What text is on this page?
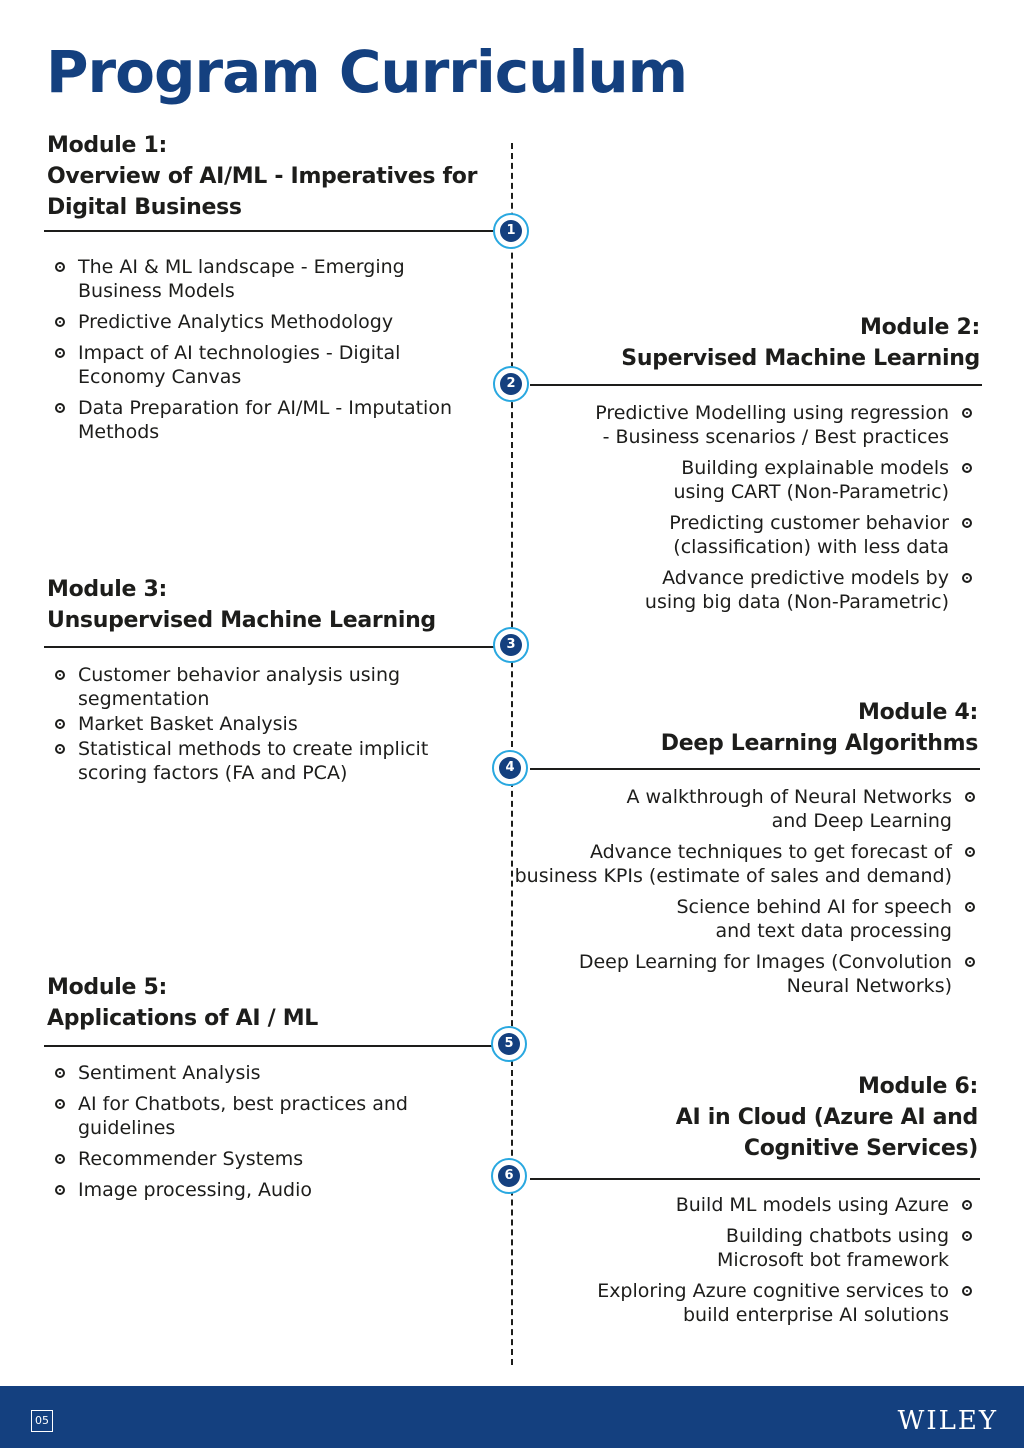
Program Curriculum
Module 1:
Overview of AI/ML - Imperatives for
Digital Business
1
The AI & ML landscape - Emerging
Business Models
Predictive Analytics Methodology
Impact of AI technologies - Digital
Economy Canvas
Data Preparation for AI/ML - Imputation
Methods
Module 2:
Supervised Machine Learning
2
Predictive Modelling using regression
- Business scenarios / Best practices
Building explainable models
using CART (Non-Parametric)
Predicting customer behavior
(classification) with less data
Advance predictive models by
using big data (Non-Parametric)
Module 3:
Unsupervised Machine Learning
3
Customer behavior analysis using
segmentation
Market Basket Analysis
Statistical methods to create implicit
scoring factors (FA and PCA)
Module 4:
Deep Learning Algorithms
4
A walkthrough of Neural Networks
and Deep Learning
Advance techniques to get forecast of
business KPIs (estimate of sales and demand)
Science behind AI for speech
and text data processing
Deep Learning for Images (Convolution
Neural Networks)
Module 5:
Applications of AI / ML
5
Sentiment Analysis
AI for Chatbots, best practices and
guidelines
Recommender Systems
Image processing, Audio
Module 6:
AI in Cloud (Azure AI and
Cognitive Services)
6
Build ML models using Azure
Building chatbots using
Microsoft bot framework
Exploring Azure cognitive services to
build enterprise AI solutions
05	WILEY
